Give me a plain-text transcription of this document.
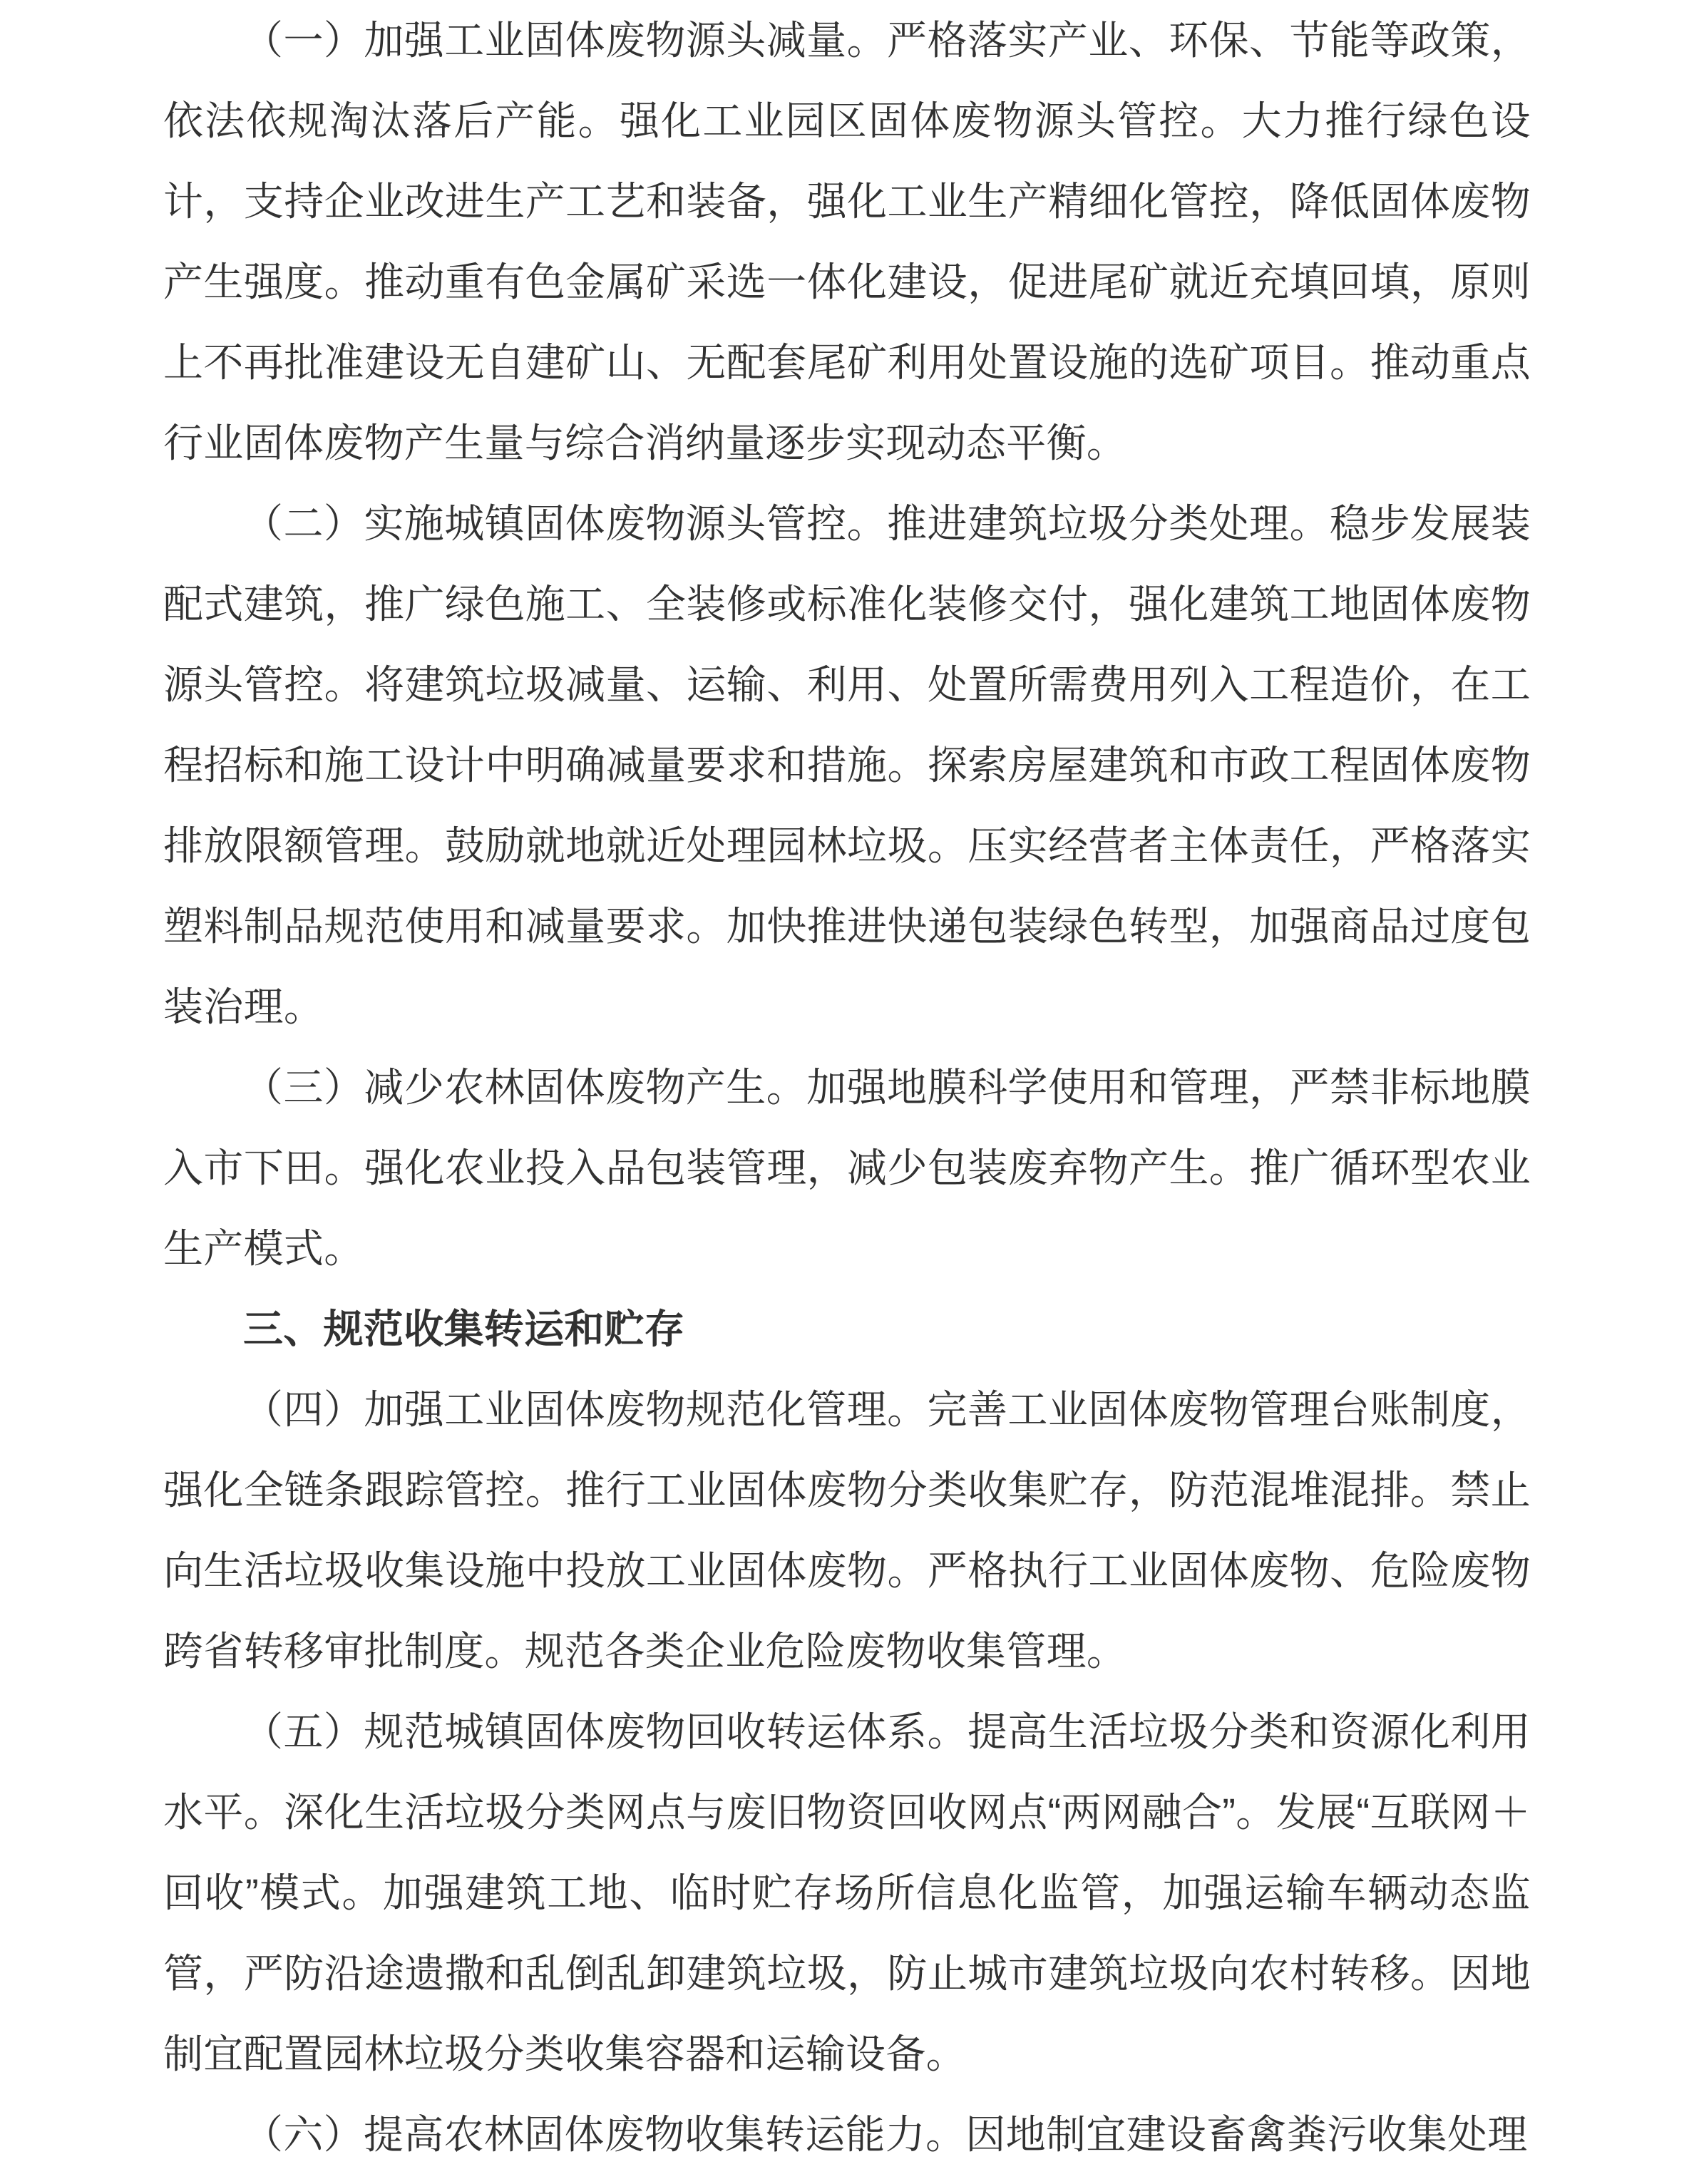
（一）加强工业固体废物源头减量。严格落实产业、环保、节能等政策，依法依规淘汰落后产能。强化工业园区固体废物源头管控。大力推行绿色设计，支持企业改进生产工艺和装备，强化工业生产精细化管控，降低固体废物产生强度。推动重有色金属矿采选一体化建设，促进尾矿就近充填回填，原则上不再批准建设无自建矿山、无配套尾矿利用处置设施的选矿项目。推动重点行业固体废物产生量与综合消纳量逐步实现动态平衡。

（二）实施城镇固体废物源头管控。推进建筑垃圾分类处理。稳步发展装配式建筑，推广绿色施工、全装修或标准化装修交付，强化建筑工地固体废物源头管控。将建筑垃圾减量、运输、利用、处置所需费用列入工程造价，在工程招标和施工设计中明确减量要求和措施。探索房屋建筑和市政工程固体废物排放限额管理。鼓励就地就近处理园林垃圾。压实经营者主体责任，严格落实塑料制品规范使用和减量要求。加快推进快递包装绿色转型，加强商品过度包装治理。

（三）减少农林固体废物产生。加强地膜科学使用和管理，严禁非标地膜入市下田。强化农业投入品包装管理，减少包装废弃物产生。推广循环型农业生产模式。

三、规范收集转运和贮存

（四）加强工业固体废物规范化管理。完善工业固体废物管理台账制度，强化全链条跟踪管控。推行工业固体废物分类收集贮存，防范混堆混排。禁止向生活垃圾收集设施中投放工业固体废物。严格执行工业固体废物、危险废物跨省转移审批制度。规范各类企业危险废物收集管理。

（五）规范城镇固体废物回收转运体系。提高生活垃圾分类和资源化利用水平。深化生活垃圾分类网点与废旧物资回收网点“两网融合”。发展“互联网＋回收”模式。加强建筑工地、临时贮存场所信息化监管，加强运输车辆动态监管，严防沿途遗撒和乱倒乱卸建筑垃圾，防止城市建筑垃圾向农村转移。因地制宜配置园林垃圾分类收集容器和运输设备。

（六）提高农林固体废物收集转运能力。因地制宜建设畜禽粪污收集处理
